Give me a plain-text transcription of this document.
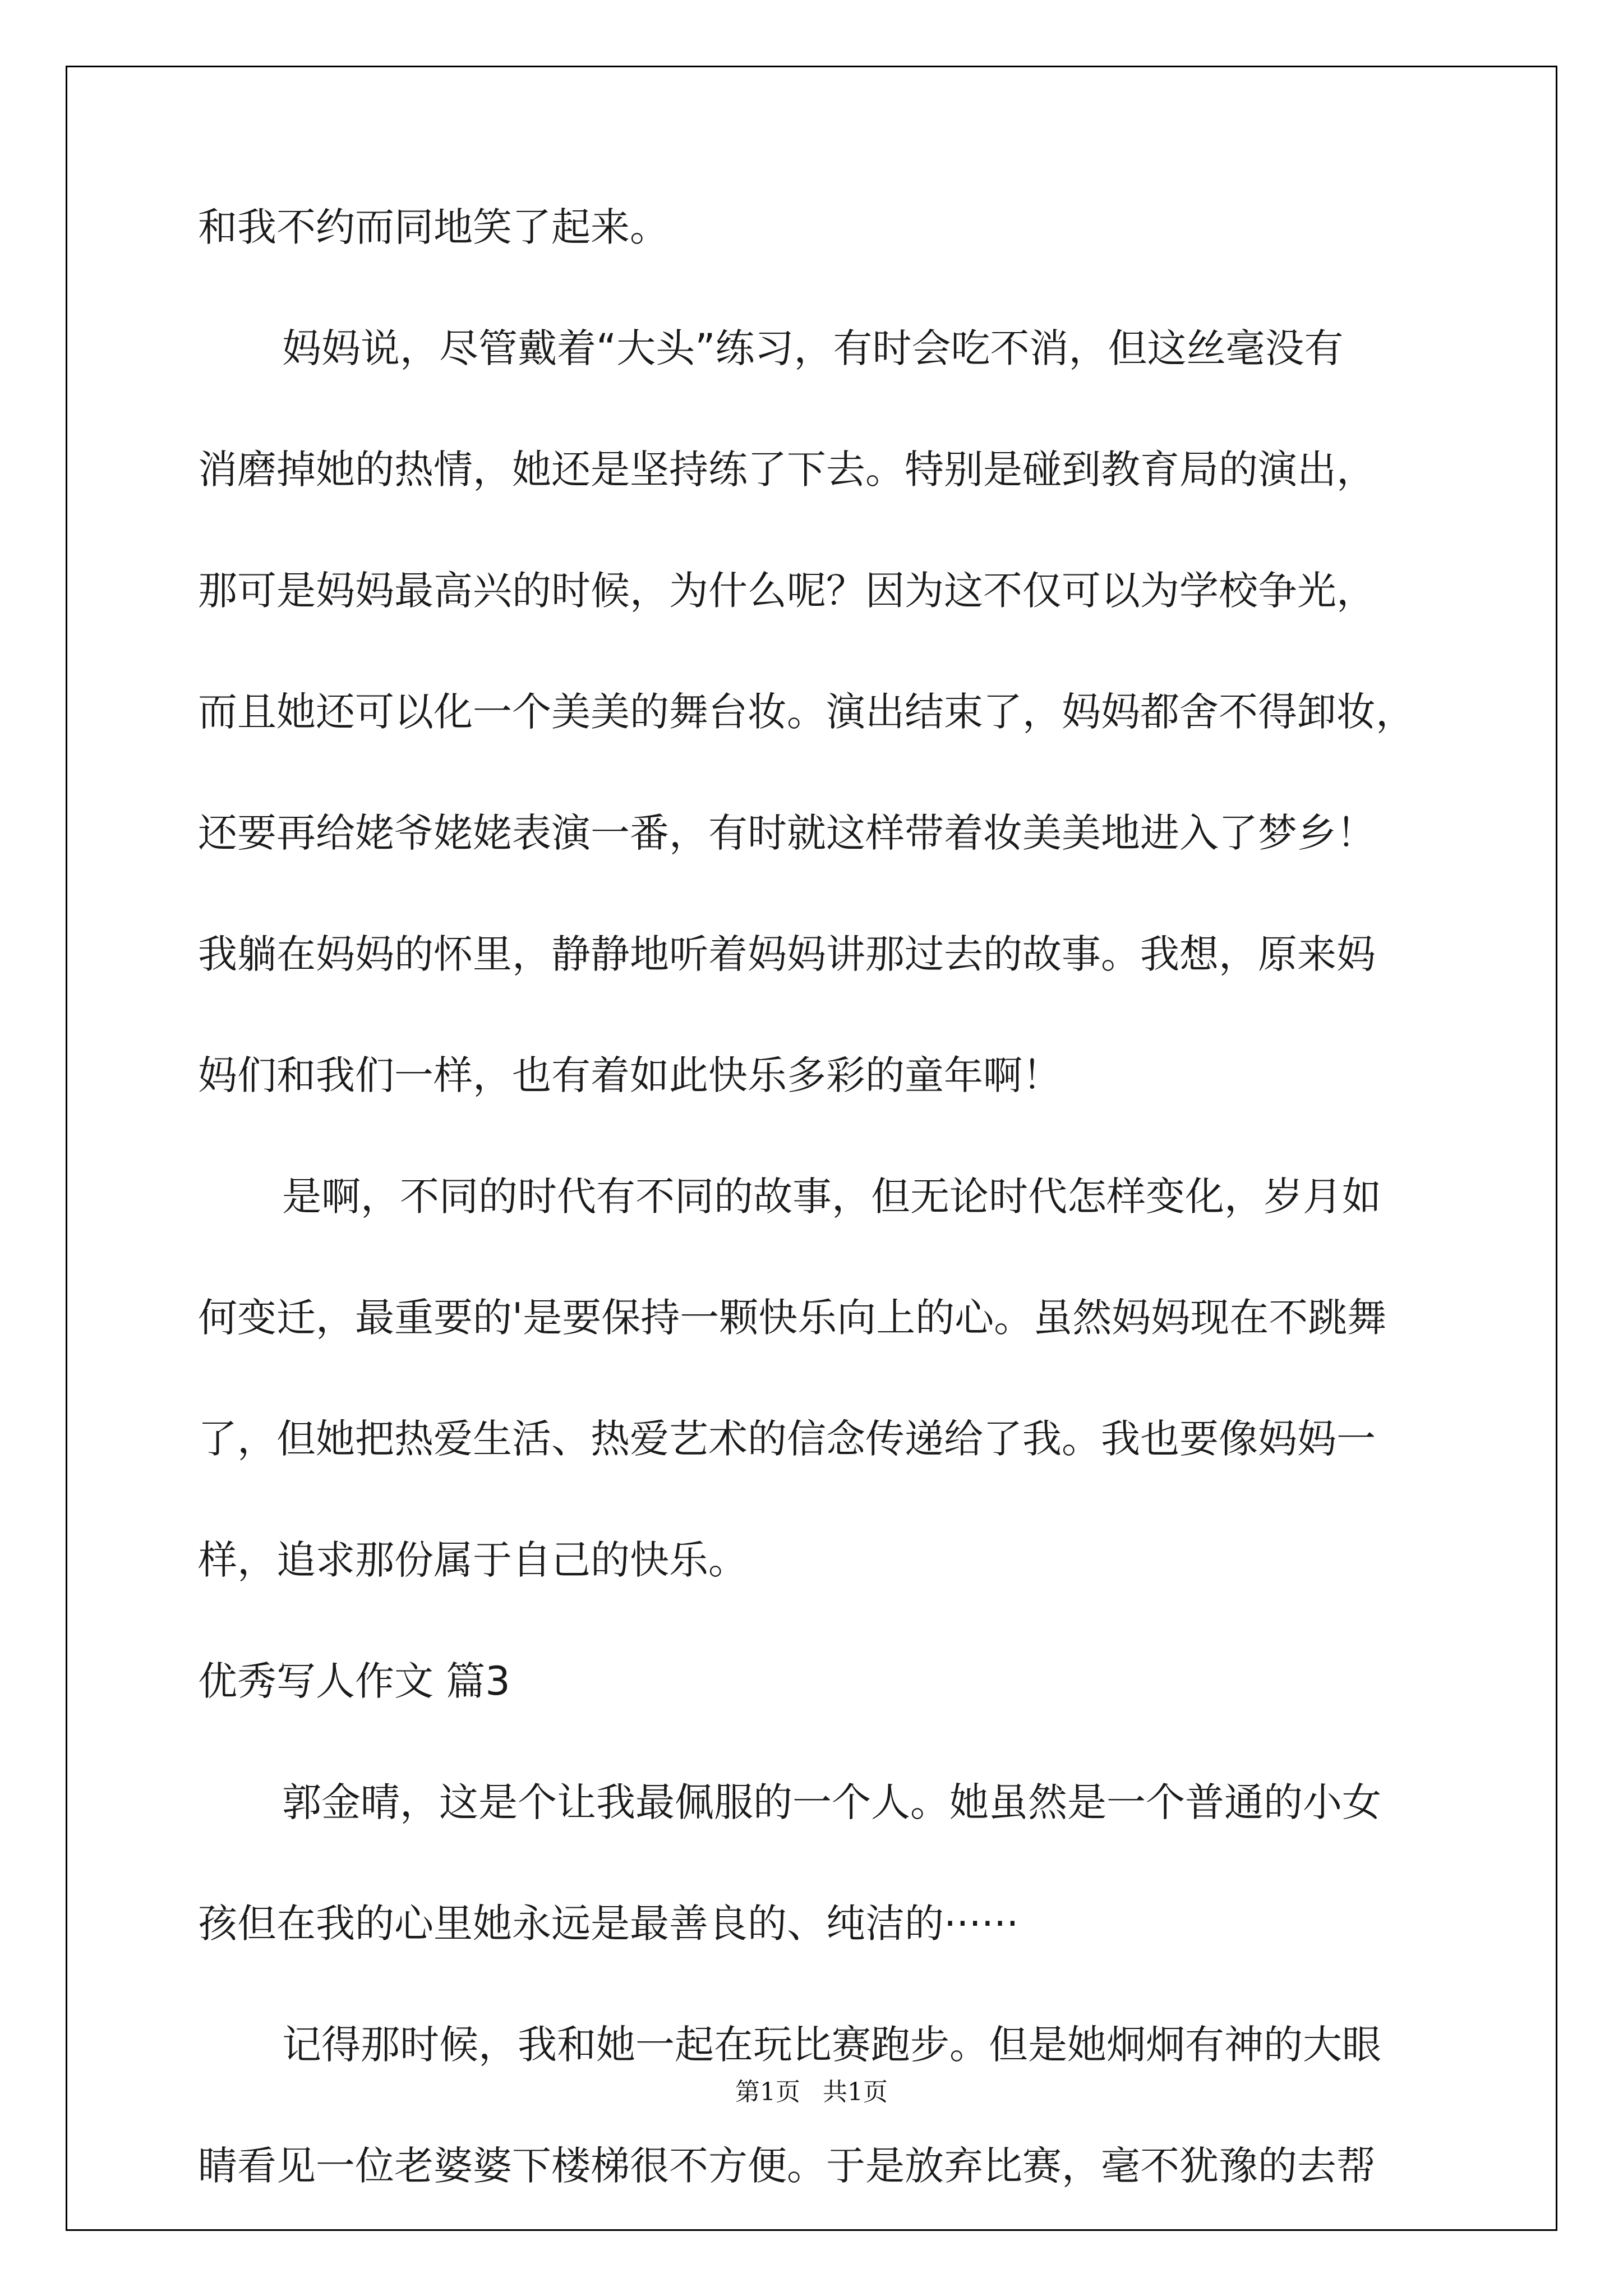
和我不约而同地笑了起来。
妈妈说，尽管戴着“大头”练习，有时会吃不消，但这丝毫没有
消磨掉她的热情，她还是坚持练了下去。特别是碰到教育局的演出，
那可是妈妈最高兴的时候，为什么呢？因为这不仅可以为学校争光，
而且她还可以化一个美美的舞台妆。演出结束了，妈妈都舍不得卸妆，
还要再给姥爷姥姥表演一番，有时就这样带着妆美美地进入了梦乡！
我躺在妈妈的怀里，静静地听着妈妈讲那过去的故事。我想，原来妈
妈们和我们一样，也有着如此快乐多彩的童年啊！
是啊，不同的时代有不同的故事，但无论时代怎样变化，岁月如
何变迁，最重要的'是要保持一颗快乐向上的心。虽然妈妈现在不跳舞
了，但她把热爱生活、热爱艺术的信念传递给了我。我也要像妈妈一
样，追求那份属于自己的快乐。
优秀写人作文 篇3
郭金晴，这是个让我最佩服的一个人。她虽然是一个普通的小女
孩但在我的心里她永远是最善良的、纯洁的······
记得那时候，我和她一起在玩比赛跑步。但是她炯炯有神的大眼
睛看见一位老婆婆下楼梯很不方便。于是放弃比赛，毫不犹豫的去帮
第1页 共1页
